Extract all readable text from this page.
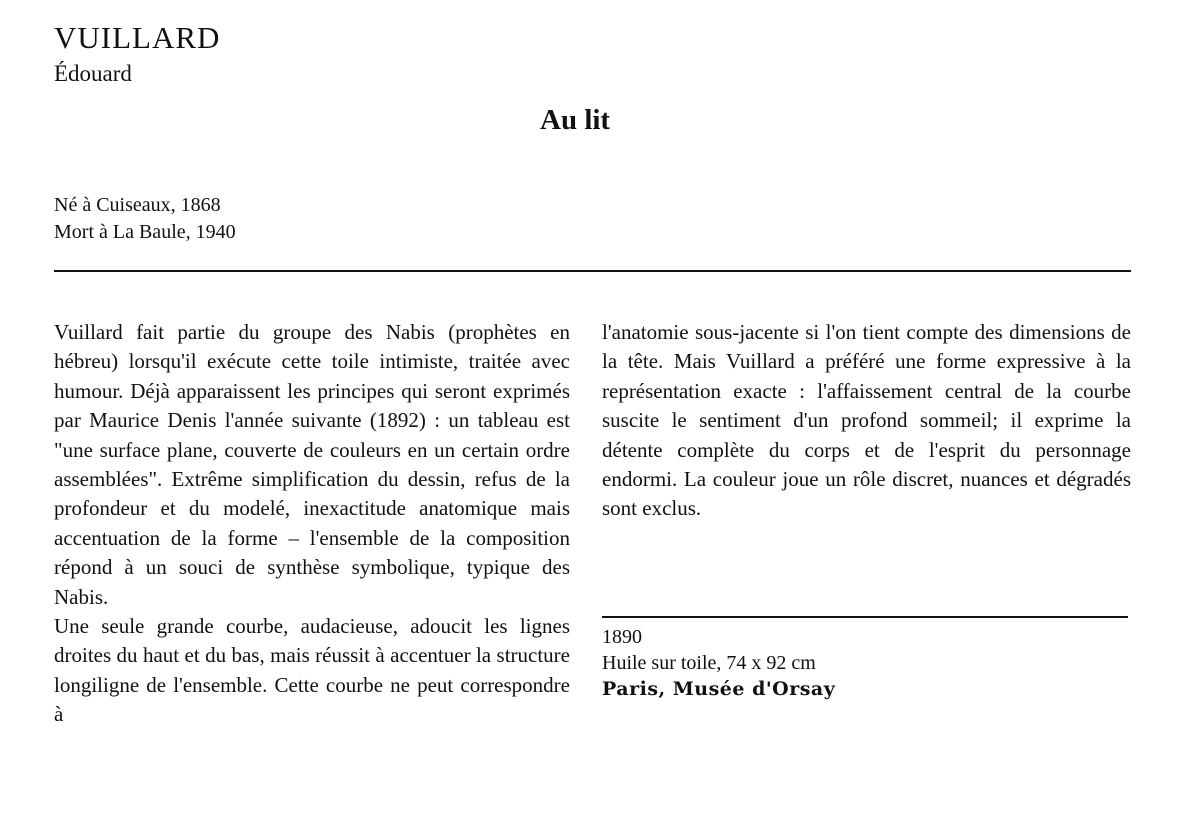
VUILLARD
Édouard
Au lit
Né à Cuiseaux, 1868
Mort à La Baule, 1940

Vuillard fait partie du groupe des Nabis (prophètes en hébreu) lorsqu'il exécute cette toile intimiste, traitée avec humour. Déjà apparaissent les principes qui seront exprimés par Maurice Denis l'année suivante (1892) : un tableau est "une surface plane, couverte de couleurs en un certain ordre assemblées". Extrême simplification du dessin, refus de la profondeur et du modelé, inexactitude anatomique mais accentuation de la forme – l'ensemble de la composition répond à un souci de synthèse symbolique, typique des Nabis.

Une seule grande courbe, audacieuse, adoucit les lignes droites du haut et du bas, mais réussit à accentuer la structure longiligne de l'ensemble. Cette courbe ne peut correspondre à

l'anatomie sous-jacente si l'on tient compte des dimensions de la tête. Mais Vuillard a préféré une forme expressive à la représentation exacte : l'affaissement central de la courbe suscite le sentiment d'un profond sommeil; il exprime la détente complète du corps et de l'esprit du personnage endormi. La couleur joue un rôle discret, nuances et dégradés sont exclus.

1890
Huile sur toile, 74 x 92 cm
Paris, Musée d'Orsay
